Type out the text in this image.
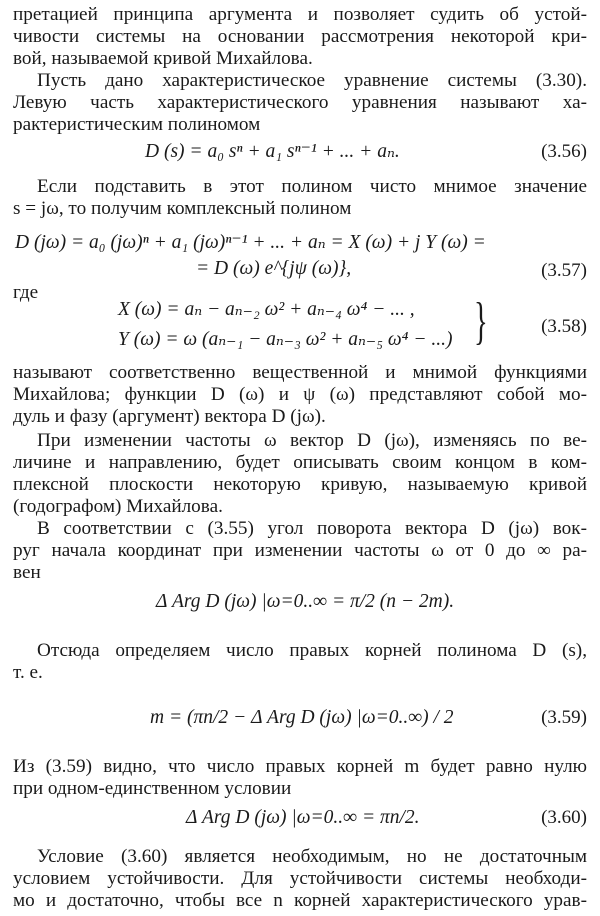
претацией принципа аргумента и позволяет судить об устой-
чивости системы на основании рассмотрения некоторой кри-
вой, называемой кривой Михайлова.
Пусть дано характеристическое уравнение системы (3.30).
Левую часть характеристического уравнения называют ха-
рактеристическим полиномом
D (s) = a₀ sⁿ + a₁ sⁿ⁻¹ + ... + aₙ.	(3.56)
Если подставить в этот полином чисто мнимое значение
s = jω, то получим комплексный полином
D (jω) = a₀ (jω)ⁿ + a₁ (jω)ⁿ⁻¹ + ... + aₙ = X (ω) + j Y (ω) =
= D (ω) e^{jψ (ω)},	(3.57)
где
X (ω) = aₙ − aₙ₋₂ ω² + aₙ₋₄ ω⁴ − ... ,
Y (ω) = ω (aₙ₋₁ − aₙ₋₃ ω² + aₙ₋₅ ω⁴ − ...) }	(3.58)
называют соответственно вещественной и мнимой функциями
Михайлова; функции D (ω) и ψ (ω) представляют собой мо-
дуль и фазу (аргумент) вектора D (jω).
При изменении частоты ω вектор D (jω), изменяясь по ве-
личине и направлению, будет описывать своим концом в ком-
плексной плоскости некоторую кривую, называемую кривой
(годографом) Михайлова.
В соответствии с (3.55) угол поворота вектора D (jω) вок-
руг начала координат при изменении частоты ω от 0 до ∞ ра-
вен
Δ Arg D (jω) |ω=0..∞ = π/2 (n − 2m).
Отсюда определяем число правых корней полинома D (s),
т. е.
m = (πn/2 − Δ Arg D (jω) |ω=0..∞) / 2	(3.59)
Из (3.59) видно, что число правых корней m будет равно нулю
при одном-единственном условии
Δ Arg D (jω) |ω=0..∞ = πn/2.	(3.60)
Условие (3.60) является необходимым, но не достаточным
условием устойчивости. Для устойчивости системы необходи-
мо и достаточно, чтобы все n корней характеристического урав-
